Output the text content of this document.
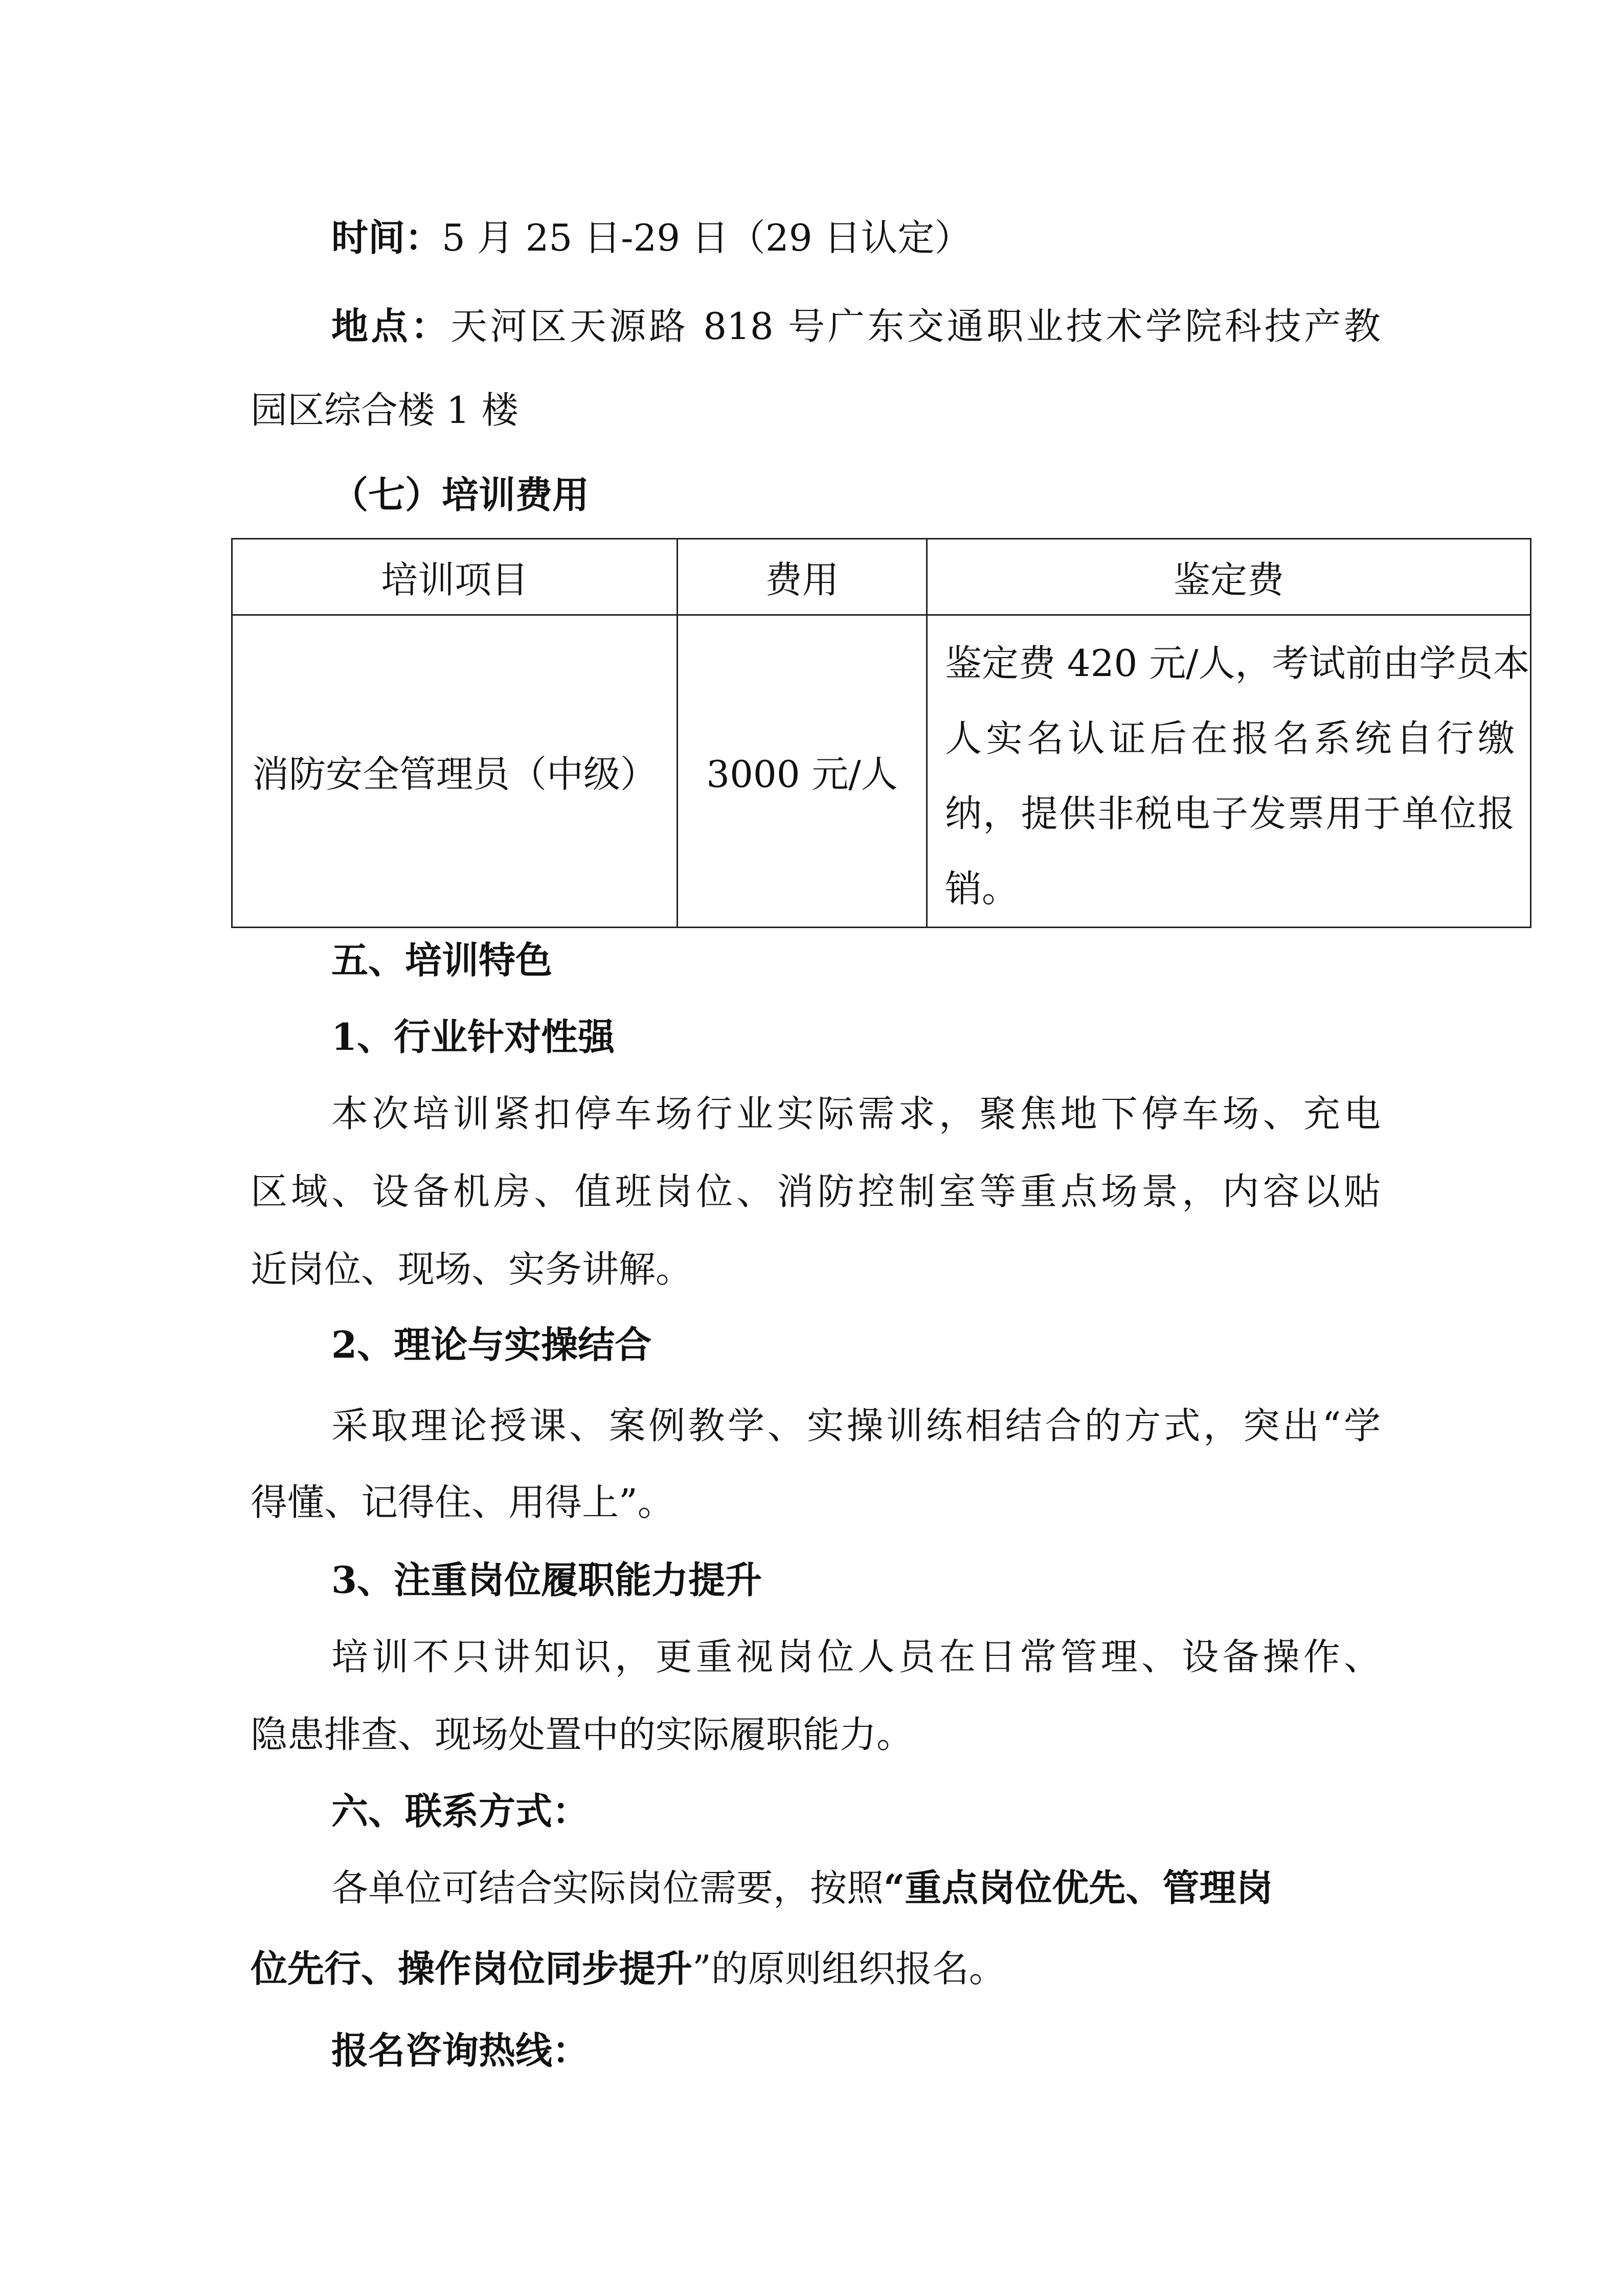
时间：5 月 25 日-29 日（29 日认定）
地点：天河区天源路 818 号广东交通职业技术学院科技产教
园区综合楼 1 楼
（七）培训费用
培训项目	费用	鉴定费
消防安全管理员（中级）	3000 元/人	鉴定费 420 元/人，考试前由学员本
人实名认证后在报名系统自行缴
纳，提供非税电子发票用于单位报
销。
五、培训特色
1、行业针对性强
本次培训紧扣停车场行业实际需求，聚焦地下停车场、充电
区域、设备机房、值班岗位、消防控制室等重点场景，内容以贴
近岗位、现场、实务讲解。
2、理论与实操结合
采取理论授课、案例教学、实操训练相结合的方式，突出“学
得懂、记得住、用得上”。
3、注重岗位履职能力提升
培训不只讲知识，更重视岗位人员在日常管理、设备操作、
隐患排查、现场处置中的实际履职能力。
六、联系方式：
各单位可结合实际岗位需要，按照“重点岗位优先、管理岗
位先行、操作岗位同步提升”的原则组织报名。
报名咨询热线：
